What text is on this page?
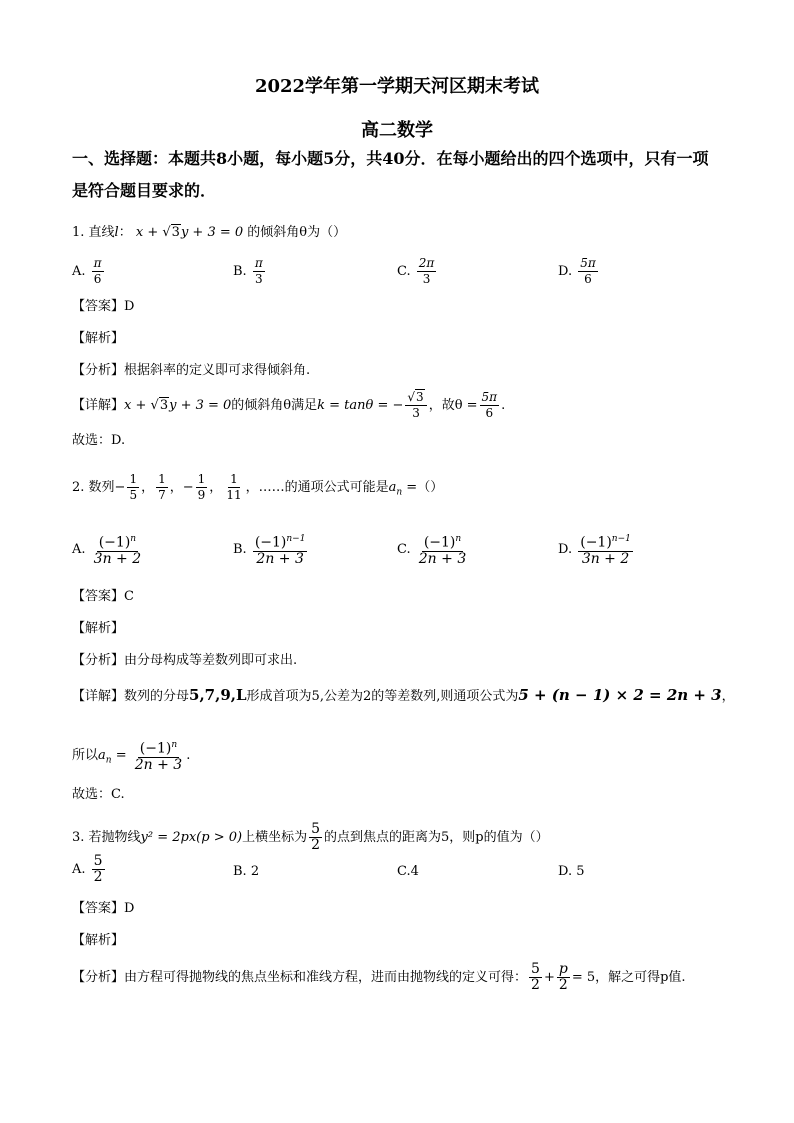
2022学年第一学期天河区期末考试
高二数学
一、选择题：本题共8小题，每小题5分，共40分．在每小题给出的四个选项中，只有一项
是符合题目要求的．
1. 直线l： x + √3y + 3 = 0 的倾斜角θ为（）
A. $\frac{\pi}{6}$	B. $\frac{\pi}{3}$	C. $\frac{2\pi}{3}$	D. $\frac{5\pi}{6}$
【答案】D
【解析】
【分析】根据斜率的定义即可求得倾斜角.
【详解】x + √3y + 3 = 0的倾斜角θ满足k = tanθ = − $\frac{√3}{3}$ ，故$\theta = \frac{5\pi}{6}$ .
故选：D.
2. 数列− $\frac{1}{5}$ ， $\frac{1}{7}$ ，− $\frac{1}{9}$ ， $\frac{1}{11}$ ，……的通项公式可能是$a_n$ =（）
A. $\frac{(-1)^n}{3n + 2}$	B. $\frac{(-1)^{n-1}}{2n + 3}$	C. $\frac{(-1)^n}{2n + 3}$	D. $\frac{(-1)^{n-1}}{3n + 2}$
【答案】C
【解析】
【分析】由分母构成等差数列即可求出.
【详解】数列的分母5,7,9,L形成首项为5,公差为2的等差数列,则通项公式为5 + (n − 1) × 2 = 2n + 3，
所以$a_n = \frac{(-1)^n}{2n + 3}$ .
故选：C.
3. 若抛物线y² = 2px(p > 0)上横坐标为 $\frac{5}{2}$ 的点到焦点的距离为5，则p的值为（）
A. $\frac{5}{2}$	B. 2	C.4	D. 5
【答案】D
【解析】
【分析】由方程可得抛物线的焦点坐标和准线方程，进而由抛物线的定义可得： $\frac{5}{2} + \frac{p}{2} = 5$，解之可得p值.
